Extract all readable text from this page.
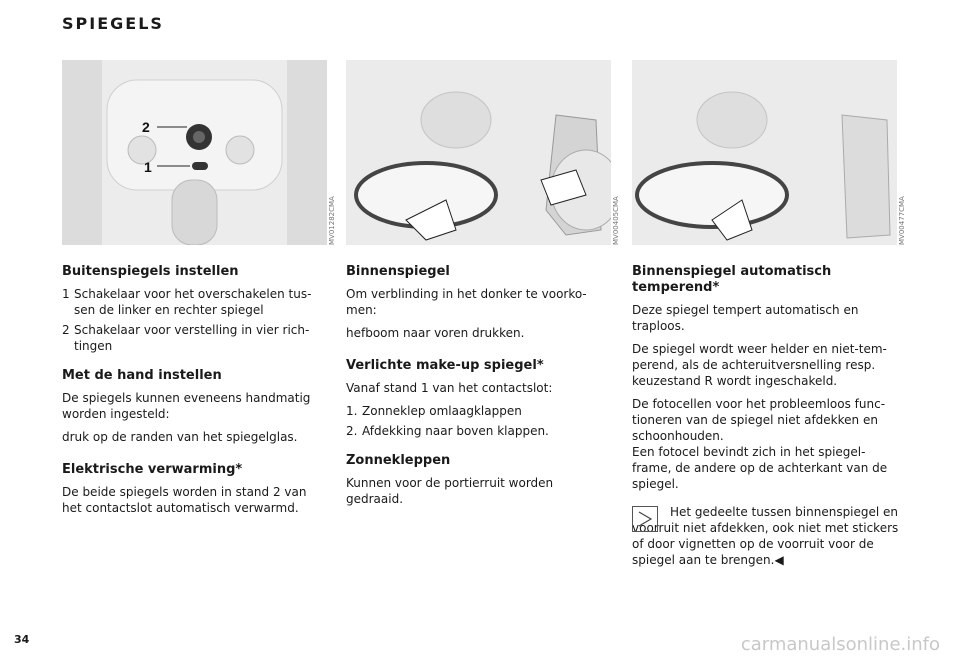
SPIEGELS
2
1
MV01282CMA	MV00405CMA	MV00477CMA
Buitenspiegels instellen
1 Schakelaar voor het overschakelen tussen de linker en rechter spiegel
2 Schakelaar voor verstelling in vier richtingen
Met de hand instellen

De spiegels kunnen eveneens handmatig worden ingesteld:

druk op de randen van het spiegelglas.

Elektrische verwarming*

De beide spiegels worden in stand 2 van het contactslot automatisch verwarmd.

Binnenspiegel

Om verblinding in het donker te voorkomen:

hefboom naar voren drukken.

Verlichte make-up spiegel*

Vanaf stand 1 van het contactslot:

1. Zonneklep omlaagklappen
2. Afdekking naar boven klappen.
Zonnekleppen

Kunnen voor de portierruit worden gedraaid.

Binnenspiegel automatisch temperend*

Deze spiegel tempert automatisch en traploos.

De spiegel wordt weer helder en niet-temperend, als de achteruitversnelling resp. keuzestand R wordt ingeschakeld.

De fotocellen voor het probleemloos functioneren van de spiegel niet afdekken en schoonhouden.

Een fotocel bevindt zich in het spiegelframe, de andere op de achterkant van de spiegel.

Het gedeelte tussen binnenspiegel en voorruit niet afdekken, ook niet met stickers of door vignetten op de voorruit voor de spiegel aan te brengen.◀

34	carmanualsonline.info
